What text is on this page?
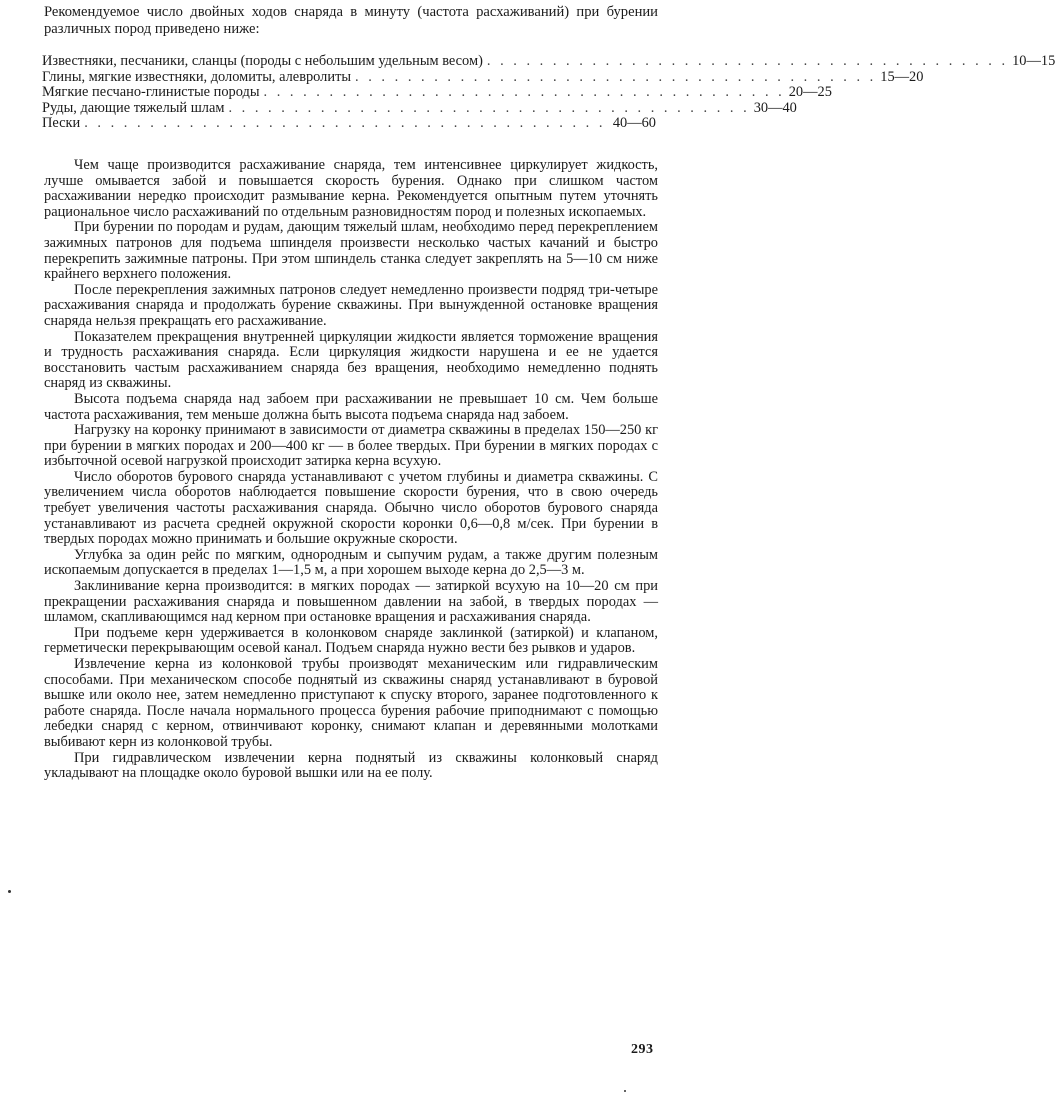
Рекомендуемое число двойных ходов снаряда в минуту (частота расхаживаний) при бурении различных пород приведено ниже:

Известняки, песчаники, сланцы (породы с небольшим удельным весом) . . . . . . . . . . . . . . . . . . . . . . . . . . . . . . . . . . . . . . . . 10—15
Глины, мягкие известняки, доломиты, алевролиты . . . . . . . . . . . . . . . . . . . . . . . . . . . . . . . . . . . . . . . . 15—20
Мягкие песчано-глинистые породы . . . . . . . . . . . . . . . . . . . . . . . . . . . . . . . . . . . . . . . . 20—25
Руды, дающие тяжелый шлам . . . . . . . . . . . . . . . . . . . . . . . . . . . . . . . . . . . . . . . . 30—40
Пески . . . . . . . . . . . . . . . . . . . . . . . . . . . . . . . . . . . . . . . . 40—60

Чем чаще производится расхаживание снаряда, тем интенсивнее циркулирует жидкость, лучше омывается забой и повышается скорость бурения. Однако при слишком частом расхаживании нередко происходит размывание керна. Рекомендуется опытным путем уточнять рациональное число расхаживаний по отдельным разновидностям пород и полезных ископаемых.

При бурении по породам и рудам, дающим тяжелый шлам, необходимо перед перекреплением зажимных патронов для подъема шпинделя произвести несколько частых качаний и быстро перекрепить зажимные патроны. При этом шпиндель станка следует закреплять на 5—10 см ниже крайнего верхнего положения.

После перекрепления зажимных патронов следует немедленно произвести подряд три-четыре расхаживания снаряда и продолжать бурение скважины. При вынужденной остановке вращения снаряда нельзя прекращать его расхаживание.

Показателем прекращения внутренней циркуляции жидкости является торможение вращения и трудность расхаживания снаряда. Если циркуляция жидкости нарушена и ее не удается восстановить частым расхаживанием снаряда без вращения, необходимо немедленно поднять снаряд из скважины.

Высота подъема снаряда над забоем при расхаживании не превышает 10 см. Чем больше частота расхаживания, тем меньше должна быть высота подъема снаряда над забоем.

Нагрузку на коронку принимают в зависимости от диаметра скважины в пределах 150—250 кг при бурении в мягких породах и 200—400 кг — в более твердых. При бурении в мягких породах с избыточной осевой нагрузкой происходит затирка керна всухую.

Число оборотов бурового снаряда устанавливают с учетом глубины и диаметра скважины. С увеличением числа оборотов наблюдается повышение скорости бурения, что в свою очередь требует увеличения частоты расхаживания снаряда. Обычно число оборотов бурового снаряда устанавливают из расчета средней окружной скорости коронки 0,6—0,8 м/сек. При бурении в твердых породах можно принимать и большие окружные скорости.

Углубка за один рейс по мягким, однородным и сыпучим рудам, а также другим полезным ископаемым допускается в пределах 1—1,5 м, а при хорошем выходе керна до 2,5—3 м.

Заклинивание керна производится: в мягких породах — затиркой всухую на 10—20 см при прекращении расхаживания снаряда и повышенном давлении на забой, в твердых породах — шламом, скапливающимся над керном при остановке вращения и расхаживания снаряда.

При подъеме керн удерживается в колонковом снаряде заклинкой (затиркой) и клапаном, герметически перекрывающим осевой канал. Подъем снаряда нужно вести без рывков и ударов.

Извлечение керна из колонковой трубы производят механическим или гидравлическим способами. При механическом способе поднятый из скважины снаряд устанавливают в буровой вышке или около нее, затем немедленно приступают к спуску второго, заранее подготовленного к работе снаряда. После начала нормального процесса бурения рабочие приподнимают с помощью лебедки снаряд с керном, отвинчивают коронку, снимают клапан и деревянными молотками выбивают керн из колонковой трубы.

При гидравлическом извлечении керна поднятый из скважины колонковый снаряд укладывают на площадке около буровой вышки или на ее полу.

293
